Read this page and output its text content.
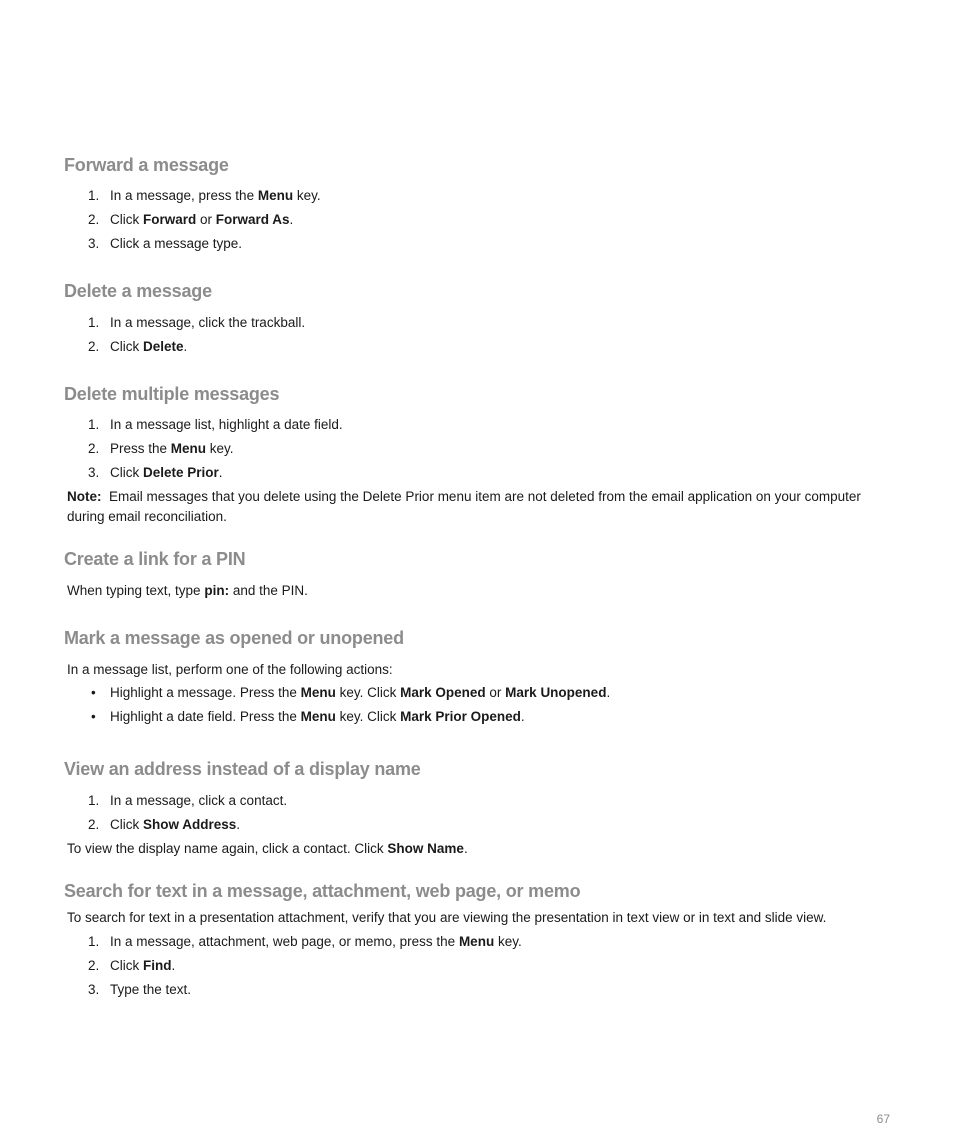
Forward a message
1. In a message, press the Menu key.
2. Click Forward or Forward As.
3. Click a message type.
Delete a message
1. In a message, click the trackball.
2. Click Delete.
Delete multiple messages
1. In a message list, highlight a date field.
2. Press the Menu key.
3. Click Delete Prior.
Note: Email messages that you delete using the Delete Prior menu item are not deleted from the email application on your computer during email reconciliation.
Create a link for a PIN
When typing text, type pin: and the PIN.
Mark a message as opened or unopened
In a message list, perform one of the following actions:
• Highlight a message. Press the Menu key. Click Mark Opened or Mark Unopened.
• Highlight a date field. Press the Menu key. Click Mark Prior Opened.
View an address instead of a display name
1. In a message, click a contact.
2. Click Show Address.
To view the display name again, click a contact. Click Show Name.
Search for text in a message, attachment, web page, or memo
To search for text in a presentation attachment, verify that you are viewing the presentation in text view or in text and slide view.
1. In a message, attachment, web page, or memo, press the Menu key.
2. Click Find.
3. Type the text.
67
